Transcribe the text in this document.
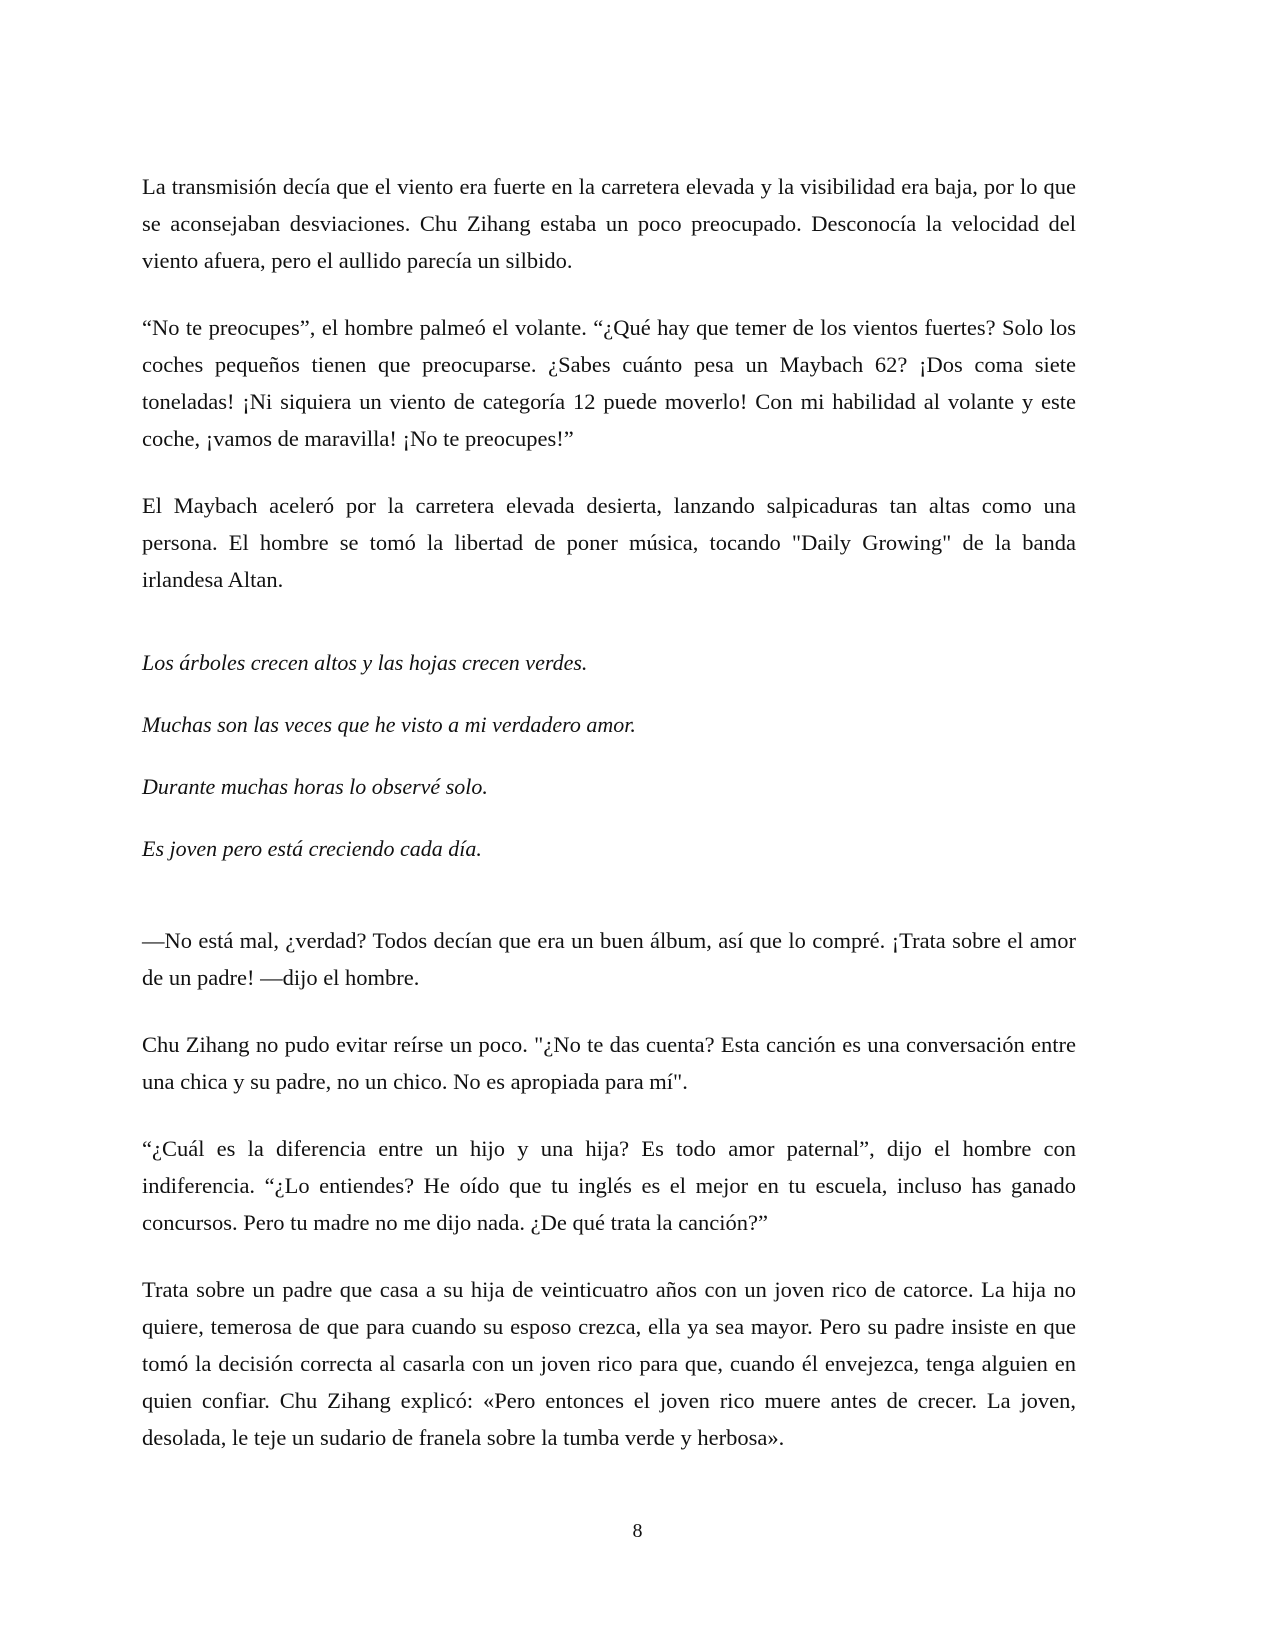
La transmisión decía que el viento era fuerte en la carretera elevada y la visibilidad era baja, por lo que se aconsejaban desviaciones. Chu Zihang estaba un poco preocupado. Desconocía la velocidad del viento afuera, pero el aullido parecía un silbido.

“No te preocupes”, el hombre palmeó el volante. “¿Qué hay que temer de los vientos fuertes? Solo los coches pequeños tienen que preocuparse. ¿Sabes cuánto pesa un Maybach 62? ¡Dos coma siete toneladas! ¡Ni siquiera un viento de categoría 12 puede moverlo! Con mi habilidad al volante y este coche, ¡vamos de maravilla! ¡No te preocupes!”

El Maybach aceleró por la carretera elevada desierta, lanzando salpicaduras tan altas como una persona. El hombre se tomó la libertad de poner música, tocando "Daily Growing" de la banda irlandesa Altan.

Los árboles crecen altos y las hojas crecen verdes.

Muchas son las veces que he visto a mi verdadero amor.

Durante muchas horas lo observé solo.

Es joven pero está creciendo cada día.

—No está mal, ¿verdad? Todos decían que era un buen álbum, así que lo compré. ¡Trata sobre el amor de un padre! —dijo el hombre.

Chu Zihang no pudo evitar reírse un poco. "¿No te das cuenta? Esta canción es una conversación entre una chica y su padre, no un chico. No es apropiada para mí".

“¿Cuál es la diferencia entre un hijo y una hija? Es todo amor paternal”, dijo el hombre con indiferencia. “¿Lo entiendes? He oído que tu inglés es el mejor en tu escuela, incluso has ganado concursos. Pero tu madre no me dijo nada. ¿De qué trata la canción?”

Trata sobre un padre que casa a su hija de veinticuatro años con un joven rico de catorce. La hija no quiere, temerosa de que para cuando su esposo crezca, ella ya sea mayor. Pero su padre insiste en que tomó la decisión correcta al casarla con un joven rico para que, cuando él envejezca, tenga alguien en quien confiar. Chu Zihang explicó: «Pero entonces el joven rico muere antes de crecer. La joven, desolada, le teje un sudario de franela sobre la tumba verde y herbosa».

8
